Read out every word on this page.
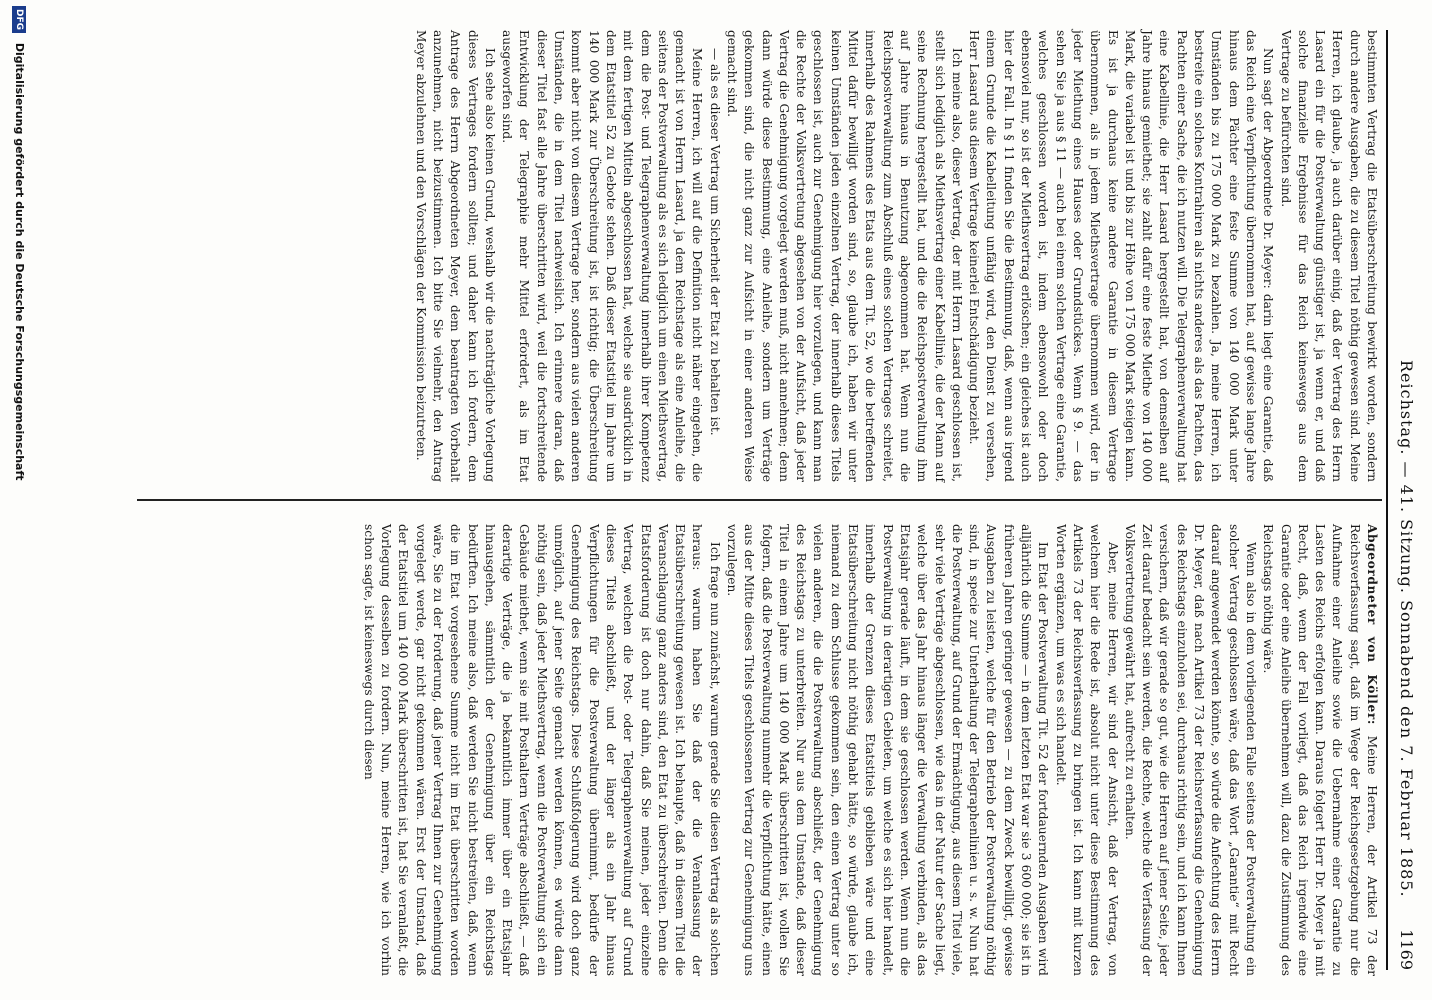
Reichstag. — 41. Sitzung. Sonnabend den 7. Februar 1885.
1169

Abgeordneter von Köller: Meine Herren, der Artikel 73 der Reichsverfassung sagt, daß im Wege der Reichsgesetzgebung nur die Aufnahme einer Anleihe sowie die Uebernahme einer Garantie zu Lasten des Reichs erfolgen kann. Daraus folgert Herr Dr. Meyer ja mit Recht, daß, wenn der Fall vorliegt, daß das Reich irgendwie eine Garantie oder eine Anleihe übernehmen will, dazu die Zustimmung des Reichstags nöthig wäre.

Wenn also in dem vorliegenden Falle seitens der Postverwaltung ein solcher Vertrag geschlossen wäre, daß das Wort „Garantie“ mit Recht darauf angewendet werden könnte, so würde die Anfechtung des Herrn Dr. Meyer, daß nach Artikel 73 der Reichsverfassung die Genehmigung des Reichstags einzuholen sei, durchaus richtig sein, und ich kann Ihnen versichern, daß wir gerade so gut, wie die Herren auf jener Seite, jeder Zeit darauf bedacht sein werden, die Rechte, welche die Verfassung der Volksvertretung gewährt hat, aufrecht zu erhalten.

Aber, meine Herren, wir sind der Ansicht, daß der Vertrag, von welchem hier die Rede ist, absolut nicht unter diese Bestimmung des Artikels 73 der Reichsverfassung zu bringen ist. Ich kann mit kurzen Worten ergänzen, um was es sich handelt.

Im Etat der Postverwaltung Tit. 52 der fortdauernden Ausgaben wird alljährlich die Summe — in dem letzten Etat war sie 3 600 000; sie ist in früheren Jahren geringer gewesen — zu dem Zweck bewilligt, gewisse Ausgaben zu leisten, welche für den Betrieb der Postverwaltung nöthig sind, in specie zur Unterhaltung der Telegraphenlinien u. s. w. Nun hat die Postverwaltung, auf Grund der Ermächtigung, aus diesem Titel viele, sehr viele Verträge abgeschlossen, wie das in der Natur der Sache liegt, welche über das Jahr hinaus länger die Verwaltung verbinden, als das Etatsjahr gerade läuft, in dem sie geschlossen werden. Wenn nun die Postverwaltung in derartigen Gebieten, um welche es sich hier handelt, innerhalb der Grenzen dieses Etatstitels geblieben wäre und eine Etatsüberschreitung nicht nöthig gehabt hätte, so würde, glaube ich, niemand zu dem Schlusse gekommen sein, den einen Vertrag unter so vielen anderen, die die Postverwaltung abschließt, der Genehmigung des Reichstags zu unterbreiten. Nur aus dem Umstande, daß dieser Titel in einem Jahre um 140 000 Mark überschritten ist, wollen Sie folgern, daß die Postverwaltung nunmehr die Verpflichtung hätte, einen aus der Mitte dieses Titels geschlossenen Vertrag zur Genehmigung uns vorzulegen.

Ich frage nun zunächst, warum gerade Sie diesen Vertrag als solchen heraus: warum haben Sie daß der die Veranlassung der Etatsüberschreitung gewesen ist. Ich behaupte, daß in diesem Titel die Veranschlagung ganz anders sind, den Etat zu überschreiten. Denn die Etatsforderung ist doch nur dahin, daß Sie meinen, jeder einzelne Vertrag, welchen die Post- oder Telegraphenverwaltung auf Grund dieses Titels abschließt, und der länger als ein Jahr hinaus Verpflichtungen für die Postverwaltung übernimmt, bedürfe der Genehmigung des Reichstags. Diese Schlußfolgerung wird doch ganz unmöglich, auf jener Seite gemacht werden können, es würde dann nöthig sein, daß jeder Miethsvertrag, wenn die Postverwaltung sich ein Gebäude miethet, wenn sie mit Posthaltern Verträge abschließt, — daß derartige Verträge, die ja bekanntlich immer über ein Etatsjahr hinausgehen, sämmtlich der Genehmigung über ein Reichstags bedürften. Ich meine also, daß werden Sie nicht bestreiten, daß, wenn die im Etat vorgesehene Summe nicht im Etat überschritten worden wäre, Sie zu der Forderung, daß jener Vertrag Ihnen zur Genehmigung vorgelegt werde, gar nicht gekommen wären. Erst der Umstand, daß der Etatstitel um 140 000 Mark überschritten ist, hat Sie veranlaßt, die Vorlegung desselben zu fordern. Nun, meine Herren, wie ich vorhin schon sagte, ist keineswegs durch diesen

bestimmten Vertrag die Etatsüberschreitung bewirkt worden, sondern durch andere Ausgaben, die zu diesem Titel nöthig gewesen sind. Meine Herren, ich glaube, ja auch darüber einig, daß der Vertrag des Herrn Lasard ein für die Postverwaltung günstiger ist, ja wenn er, und daß solche finanzielle Ergebnisse für das Reich keineswegs aus dem Vertrage zu befürchten sind.

Nun sagt der Abgeordnete Dr. Meyer: darin liegt eine Garantie, daß das Reich eine Verpflichtung übernommen hat, auf gewisse lange Jahre hinaus dem Pächter eine feste Summe von 140 000 Mark unter Umständen bis zu 175 000 Mark zu bezahlen. Ja, meine Herren, ich bestreite ein solches Kontrahiren als nichts anderes als das Pachten, das Pachten einer Sache, die ich nutzen will. Die Telegraphenverwaltung hat eine Kabellinie, die Herr Lasard hergestellt hat, von demselben auf Jahre hinaus gemiethet; sie zahlt dafür eine feste Miethe von 140 000 Mark, die variabel ist und bis zur Höhe von 175 000 Mark steigen kann. Es ist ja durchaus keine andere Garantie in diesem Vertrage übernommen, als in jedem Miethsvertrage übernommen wird, der in jeder Miethung eines Hauses oder Grundstückes. Wenn § 9. — das sehen Sie ja aus § 11 — auch bei einem solchen Vertrage eine Garantie, welches geschlossen worden ist, indem ebensowohl oder doch ebensoviel nur, so ist der Miethsvertrag erlöschen; ein gleiches ist auch hier der Fall. In § 11 finden Sie die Bestimmung, daß, wenn aus irgend einem Grunde die Kabelleitung unfähig wird, den Dienst zu versehen, Herr Lasard aus diesem Vertrage keinerlei Entschädigung bezieht.

Ich meine also, dieser Vertrag, der mit Herrn Lasard geschlossen ist, stellt sich lediglich als Miethsvertrag einer Kabellinie, die der Mann auf seine Rechnung hergestellt hat, und die die Reichspostverwaltung ihm auf Jahre hinaus in Benutzung abgenommen hat. Wenn nun die Reichspostverwaltung zum Abschluß eines solchen Vertrages schreitet, innerhalb des Rahmens des Etats aus dem Tit. 52, wo die betreffenden Mittel dafür bewilligt worden sind, so, glaube ich, haben wir unter keinen Umständen jeden einzelnen Vertrag, der innerhalb dieses Titels geschlossen ist, auch zur Genehmigung hier vorzulegen, und kann man die Rechte der Volksvertretung abgesehen von der Aufsicht, daß jeder Vertrag die Genehmigung vorgelegt werden muß, nicht annehmen; denn dann würde diese Bestimmung, eine Anleihe, sondern um Verträge gekommen sind, die nicht ganz zur Aufsicht in einer anderen Weise gemacht sind.

— als es dieser Vertrag um Sicherheit der Etat zu behalten ist.

Meine Herren, ich will auf die Definition nicht näher eingehen, die gemacht ist von Herrn Lasard, ja dem Reichstage als eine Anleihe, die seitens der Postverwaltung als es sich lediglich um einen Miethsvertrag, dem die Post- und Telegraphenverwaltung innerhalb ihrer Kompetenz mit dem fertigen Mitteln abgeschlossen hat, welche sie ausdrücklich in dem Etatstitel 52 zu Gebote stehen. Daß dieser Etatstitel im Jahre um 140 000 Mark zur Überschreitung ist, ist richtig; die Überschreitung kommt aber nicht von diesem Vertrage her, sondern aus vielen anderen Umständen, die in dem Titel nachweislich. Ich erinnere daran, daß dieser Titel fast alle Jahre überschritten wird, weil die fortschreitende Entwicklung der Telegraphie mehr Mittel erfordert, als im Etat ausgeworfen sind.

Ich sehe also keinen Grund, weshalb wir die nachträgliche Vorlegung dieses Vertrages fordern sollten; und daher kann ich fordern, dem Antrage des Herrn Abgeordneten Meyer, dem beantragten Vorbehalt anzunehmen, nicht beizustimmen. Ich bitte Sie vielmehr, den Antrag Meyer abzulehnen und den Vorschlägen der Kommission beizutreten.

DFG Digitalisierung gefördert durch die Deutsche Forschungsgemeinschaft
